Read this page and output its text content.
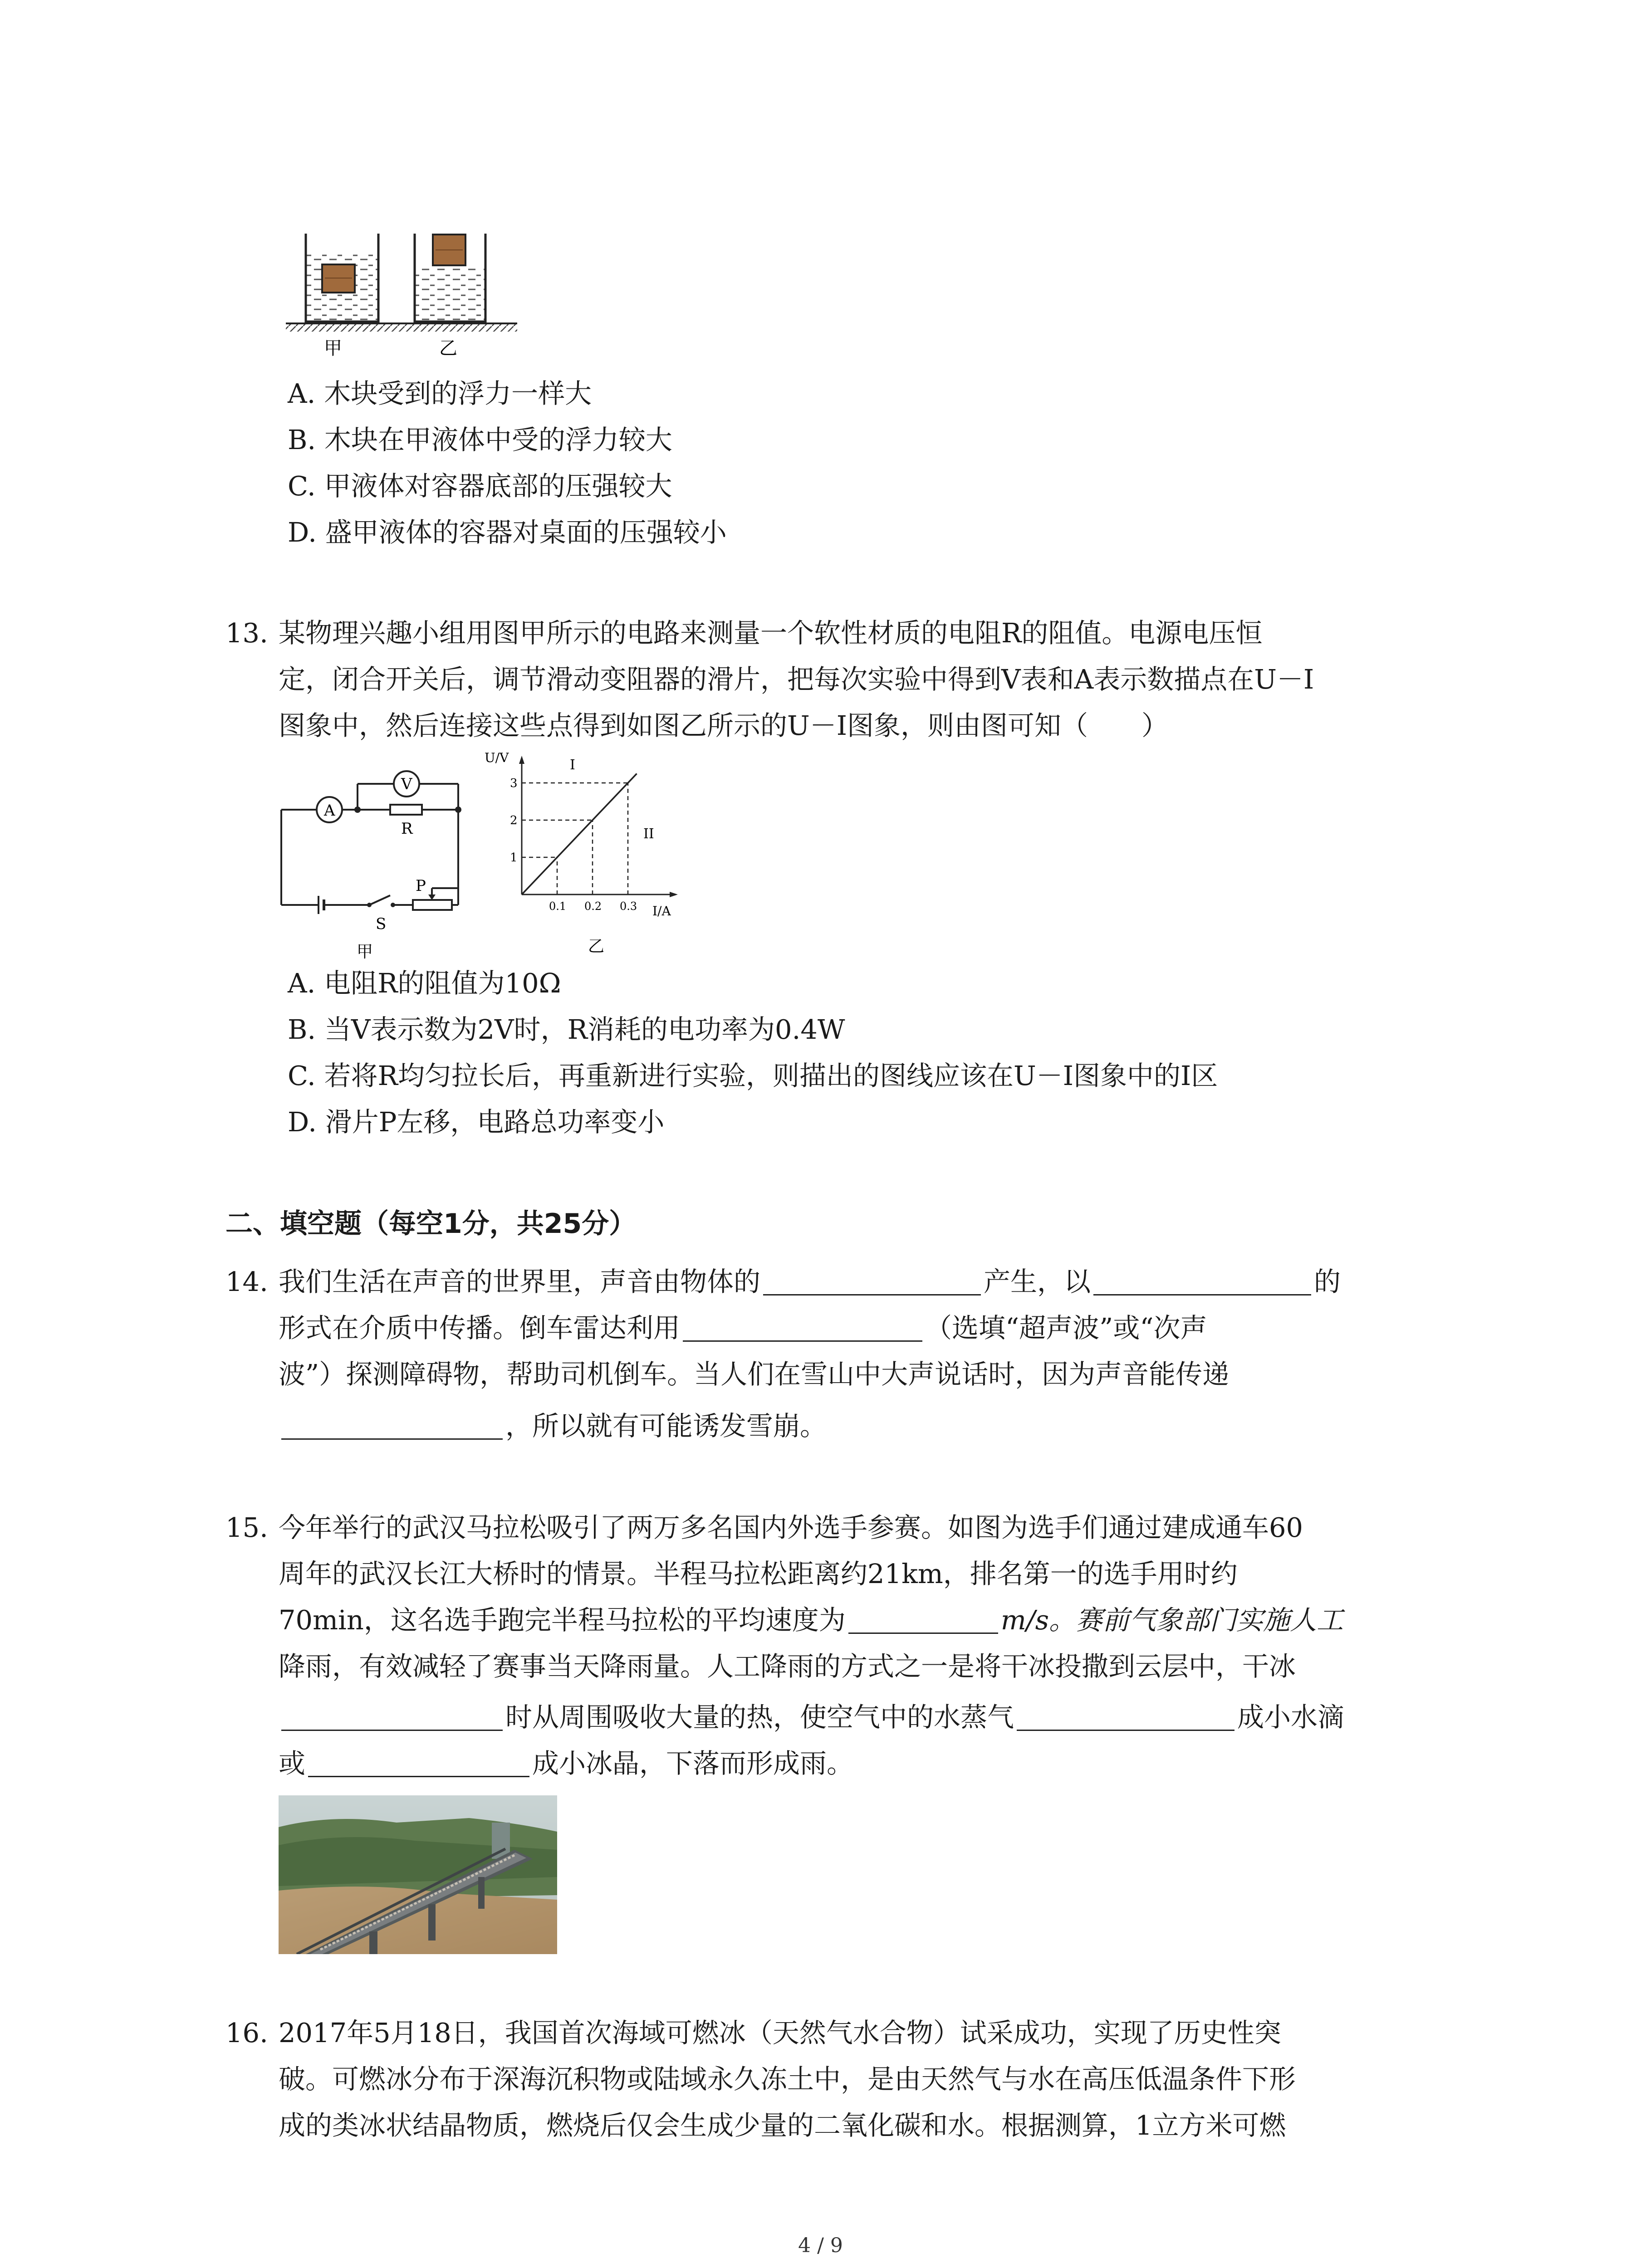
甲	乙
A. 木块受到的浮力一样大
B. 木块在甲液体中受的浮力较大
C. 甲液体对容器底部的压强较大
D. 盛甲液体的容器对桌面的压强较小
13. 某物理兴趣小组用图甲所示的电路来测量一个软性材质的电阻R的阻值。电源电压恒
定，闭合开关后，调节滑动变阻器的滑片，把每次实验中得到V表和A表示数描点在U－I
图象中，然后连接这些点得到如图乙所示的U－I图象，则由图可知（　　）
A
V
R
S
P
甲
U/V
I/A
0.1 0.2 0.3
1
2
3
I
II
乙
A. 电阻R的阻值为10Ω
B. 当V表示数为2V时，R消耗的电功率为0.4W
C. 若将R均匀拉长后，再重新进行实验，则描出的图线应该在U－I图象中的Ⅰ区
D. 滑片P左移，电路总功率变小
二、填空题（每空1分，共25分）
14. 我们生活在声音的世界里，声音由物体的	产生，以	的
形式在介质中传播。倒车雷达利用	（选填“超声波”或“次声
波”）探测障碍物，帮助司机倒车。当人们在雪山中大声说话时，因为声音能传递
，所以就有可能诱发雪崩。
15. 今年举行的武汉马拉松吸引了两万多名国内外选手参赛。如图为选手们通过建成通车60
周年的武汉长江大桥时的情景。半程马拉松距离约21km，排名第一的选手用时约
70min，这名选手跑完半程马拉松的平均速度为	m/s。赛前气象部门实施人工
降雨，有效减轻了赛事当天降雨量。人工降雨的方式之一是将干冰投撒到云层中，干冰
时从周围吸收大量的热，使空气中的水蒸气	成小水滴
或	成小冰晶，下落而形成雨。
16. 2017年5月18日，我国首次海域可燃冰（天然气水合物）试采成功，实现了历史性突
破。可燃冰分布于深海沉积物或陆域永久冻土中，是由天然气与水在高压低温条件下形
成的类冰状结晶物质，燃烧后仅会生成少量的二氧化碳和水。根据测算，1立方米可燃
4 / 9
